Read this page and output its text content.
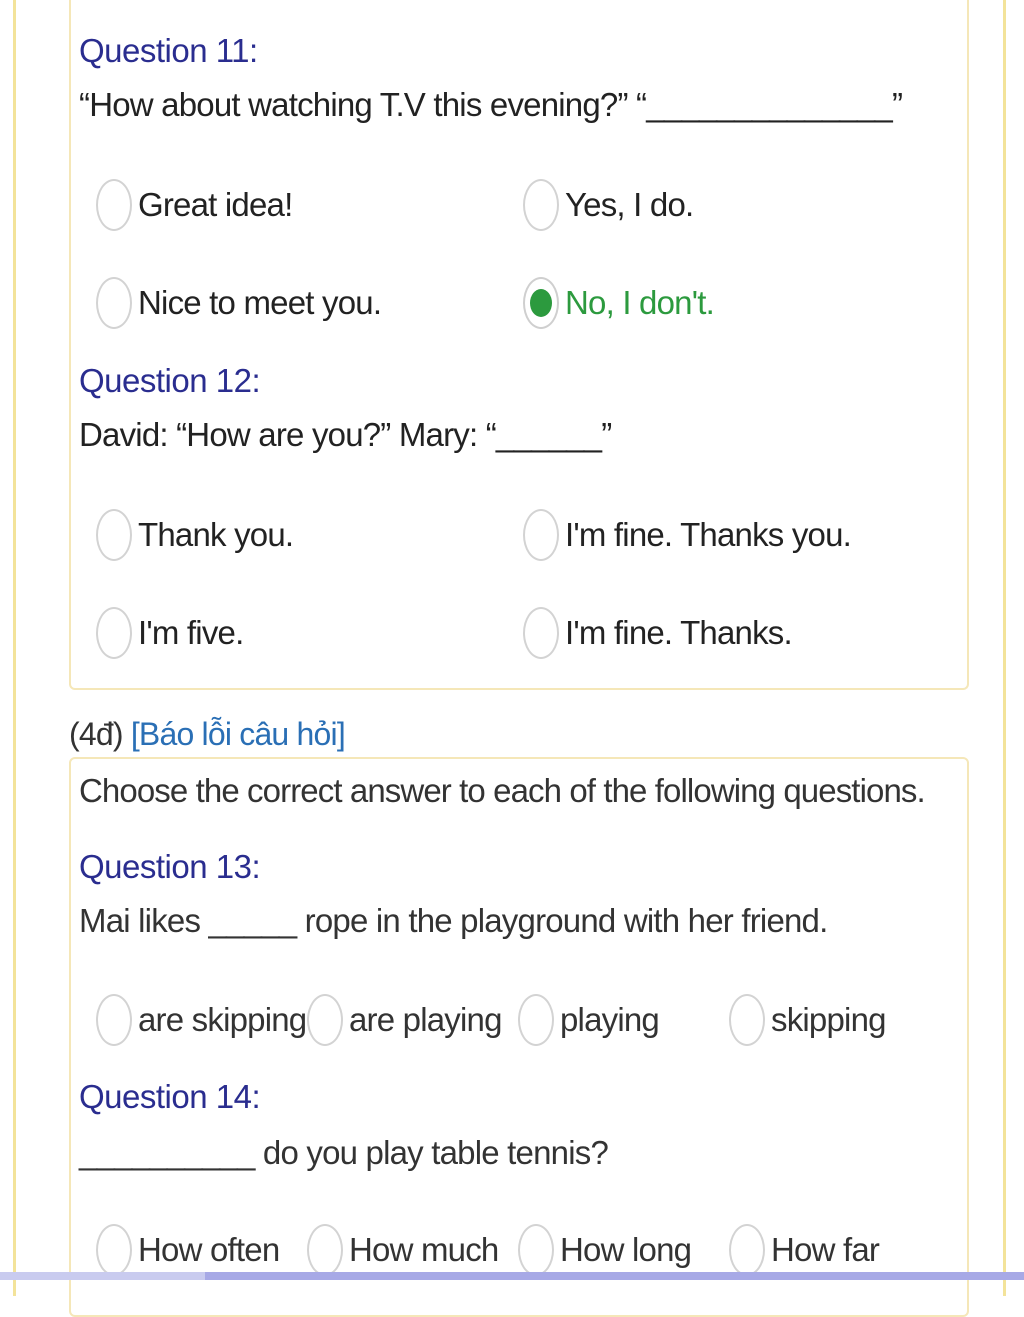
Question 11:
“How about watching T.V this evening?” “______________”
Great idea!	Yes, I do.
Nice to meet you.	No, I don't.
Question 12:
David: “How are you?” Mary: “______”
Thank you.	I'm fine. Thanks you.
I'm five.	I'm fine. Thanks.
(4đ) [Báo lỗi câu hỏi]
Choose the correct answer to each of the following questions.
Question 13:
Mai likes _____ rope in the playground with her friend.
are skipping are playing playing	skipping
Question 14:
__________ do you play table tennis?
How often How much How long How far
